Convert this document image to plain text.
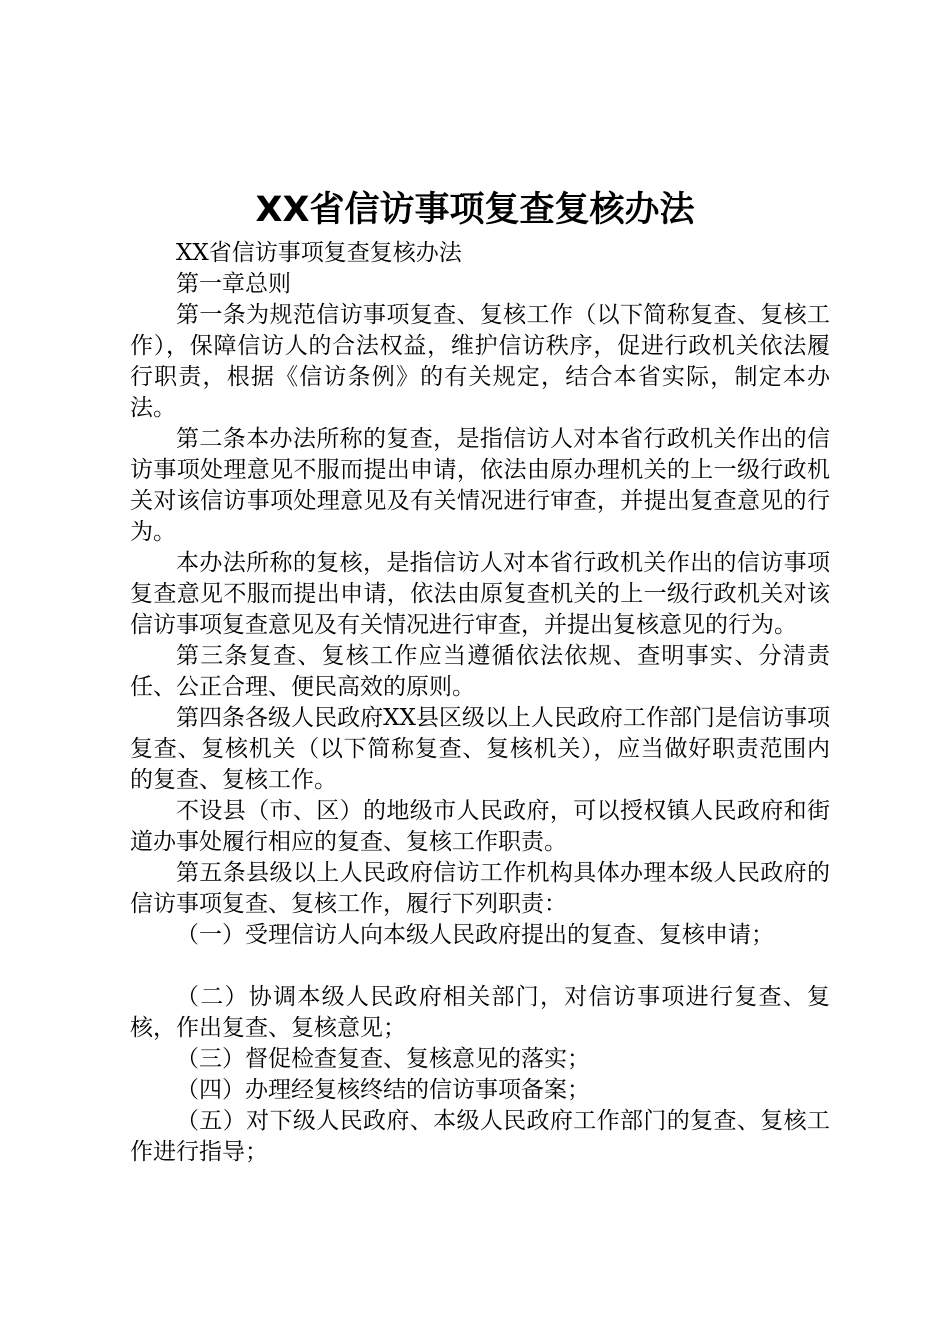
XX省信访事项复查复核办法

XX省信访事项复查复核办法

第一章总则

第一条为规范信访事项复查、复核工作（以下简称复查、复核工作），保障信访人的合法权益，维护信访秩序，促进行政机关依法履行职责，根据《信访条例》的有关规定，结合本省实际，制定本办法。

第二条本办法所称的复查，是指信访人对本省行政机关作出的信访事项处理意见不服而提出申请，依法由原办理机关的上一级行政机关对该信访事项处理意见及有关情况进行审查，并提出复查意见的行为。

本办法所称的复核，是指信访人对本省行政机关作出的信访事项复查意见不服而提出申请，依法由原复查机关的上一级行政机关对该信访事项复查意见及有关情况进行审查，并提出复核意见的行为。

第三条复查、复核工作应当遵循依法依规、查明事实、分清责任、公正合理、便民高效的原则。

第四条各级人民政府XX县区级以上人民政府工作部门是信访事项复查、复核机关（以下简称复查、复核机关），应当做好职责范围内的复查、复核工作。

不设县（市、区）的地级市人民政府，可以授权镇人民政府和街道办事处履行相应的复查、复核工作职责。

第五条县级以上人民政府信访工作机构具体办理本级人民政府的信访事项复查、复核工作，履行下列职责：

（一）受理信访人向本级人民政府提出的复查、复核申请；

（二）协调本级人民政府相关部门，对信访事项进行复查、复核，作出复查、复核意见；

（三）督促检查复查、复核意见的落实；

（四）办理经复核终结的信访事项备案；

（五）对下级人民政府、本级人民政府工作部门的复查、复核工作进行指导；
